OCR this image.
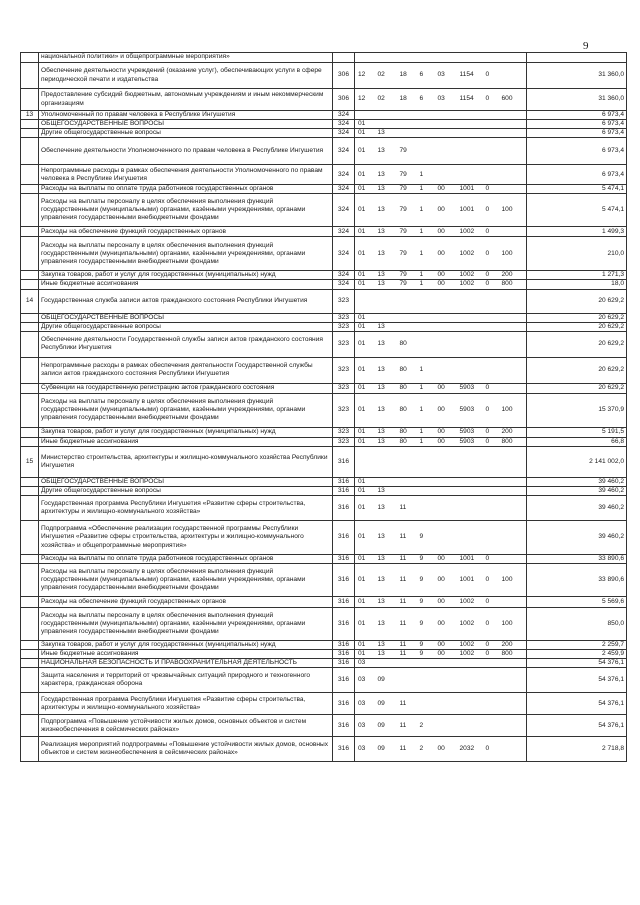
9
	национальной политики» и общепрограммные мероприятия»										
	Обеспечение деятельности учреждений (оказание услуг), обеспечивающих услуги в сфере периодической печати и издательства	306	12	02	18	6	03	1154	0		31 360,0
	Предоставление субсидий бюджетным, автономным учреждениям и иным некоммерческим организациям	306	12	02	18	6	03	1154	0	600	31 360,0
13	Уполномоченный по правам человека в Республике Ингушетия	324									6 973,4
	ОБЩЕГОСУДАРСТВЕННЫЕ ВОПРОСЫ	324	01								6 973,4
	Другие общегосударственные вопросы	324	01	13							6 973,4
	Обеспечение деятельности Уполномоченного по правам человека в Республике Ингушетия	324	01	13	79						6 973,4
	Непрограммные расходы в рамках обеспечения деятельности Уполномоченного по правам человека в Республике Ингушетия	324	01	13	79	1					6 973,4
	Расходы на выплаты по оплате труда работников государственных органов	324	01	13	79	1	00	1001	0		5 474,1
	Расходы на выплаты персоналу в целях обеспечения выполнения функций государственными (муниципальными) органами, казёнными учреждениями, органами управления государственными внебюджетными фондами	324	01	13	79	1	00	1001	0	100	5 474,1
	Расходы на обеспечение функций государственных органов	324	01	13	79	1	00	1002	0		1 499,3
	Расходы на выплаты персоналу в целях обеспечения выполнения функций государственными (муниципальными) органами, казёнными учреждениями, органами управления государственными внебюджетными фондами	324	01	13	79	1	00	1002	0	100	210,0
	Закупка товаров, работ и услуг для государственных (муниципальных) нужд	324	01	13	79	1	00	1002	0	200	1 271,3
	Иные бюджетные ассигнования	324	01	13	79	1	00	1002	0	800	18,0
14	Государственная служба записи актов гражданского состояния Республики Ингушетия	323									20 629,2
	ОБЩЕГОСУДАРСТВЕННЫЕ ВОПРОСЫ	323	01								20 629,2
	Другие общегосударственные вопросы	323	01	13							20 629,2
	Обеспечение деятельности Государственной службы записи актов гражданского состояния Республики Ингушетия	323	01	13	80						20 629,2
	Непрограммные расходы в рамках обеспечения деятельности Государственной службы записи актов гражданского состояния Республики Ингушетия	323	01	13	80	1					20 629,2
	Субвенции на государственную регистрацию актов гражданского состояния	323	01	13	80	1	00	5903	0		20 629,2
	Расходы на выплаты персоналу в целях обеспечения выполнения функций государственными (муниципальными) органами, казёнными учреждениями, органами управления государственными внебюджетными фондами	323	01	13	80	1	00	5903	0	100	15 370,9
	Закупка товаров, работ и услуг для государственных (муниципальных) нужд	323	01	13	80	1	00	5903	0	200	5 191,5
	Иные бюджетные ассигнования	323	01	13	80	1	00	5903	0	800	66,8
15	Министерство строительства, архитектуры и жилищно-коммунального хозяйства Республики Ингушетия	316									2 141 002,0
	ОБЩЕГОСУДАРСТВЕННЫЕ ВОПРОСЫ	316	01								39 460,2
	Другие общегосударственные вопросы	316	01	13							39 460,2
	Государственная программа Республики Ингушетия «Развитие сферы строительства, архитектуры и жилищно-коммунального хозяйства»	316	01	13	11						39 460,2
	Подпрограмма «Обеспечение реализации государственной программы Республики Ингушетия «Развитие сферы строительства, архитектуры и жилищно-коммунального хозяйства» и общепрограммные мероприятия»	316	01	13	11	9					39 460,2
	Расходы на выплаты по оплате труда работников государственных органов	316	01	13	11	9	00	1001	0		33 890,6
	Расходы на выплаты персоналу в целях обеспечения выполнения функций государственными (муниципальными) органами, казёнными учреждениями, органами управления государственными внебюджетными фондами	316	01	13	11	9	00	1001	0	100	33 890,6
	Расходы на обеспечение функций государственных органов	316	01	13	11	9	00	1002	0		5 569,6
	Расходы на выплаты персоналу в целях обеспечения выполнения функций государственными (муниципальными) органами, казёнными учреждениями, органами управления государственными внебюджетными фондами	316	01	13	11	9	00	1002	0	100	850,0
	Закупка товаров, работ и услуг для государственных (муниципальных) нужд	316	01	13	11	9	00	1002	0	200	2 259,7
	Иные бюджетные ассигнования	316	01	13	11	9	00	1002	0	800	2 459,9
	НАЦИОНАЛЬНАЯ БЕЗОПАСНОСТЬ И ПРАВООХРАНИТЕЛЬНАЯ ДЕЯТЕЛЬНОСТЬ	316	03								54 376,1
	Защита населения и территорий от чрезвычайных ситуаций природного и техногенного характера, гражданская оборона	316	03	09							54 376,1
	Государственная программа Республики Ингушетия «Развитие сферы строительства, архитектуры и жилищно-коммунального хозяйства»	316	03	09	11						54 376,1
	Подпрограмма «Повышение устойчивости жилых домов, основных объектов и систем жизнеобеспечения в сейсмических районах»	316	03	09	11	2					54 376,1
	Реализация мероприятий подпрограммы «Повышение устойчивости жилых домов, основных объектов и систем жизнеобеспечения в сейсмических районах»	316	03	09	11	2	00	2032	0		2 718,8
